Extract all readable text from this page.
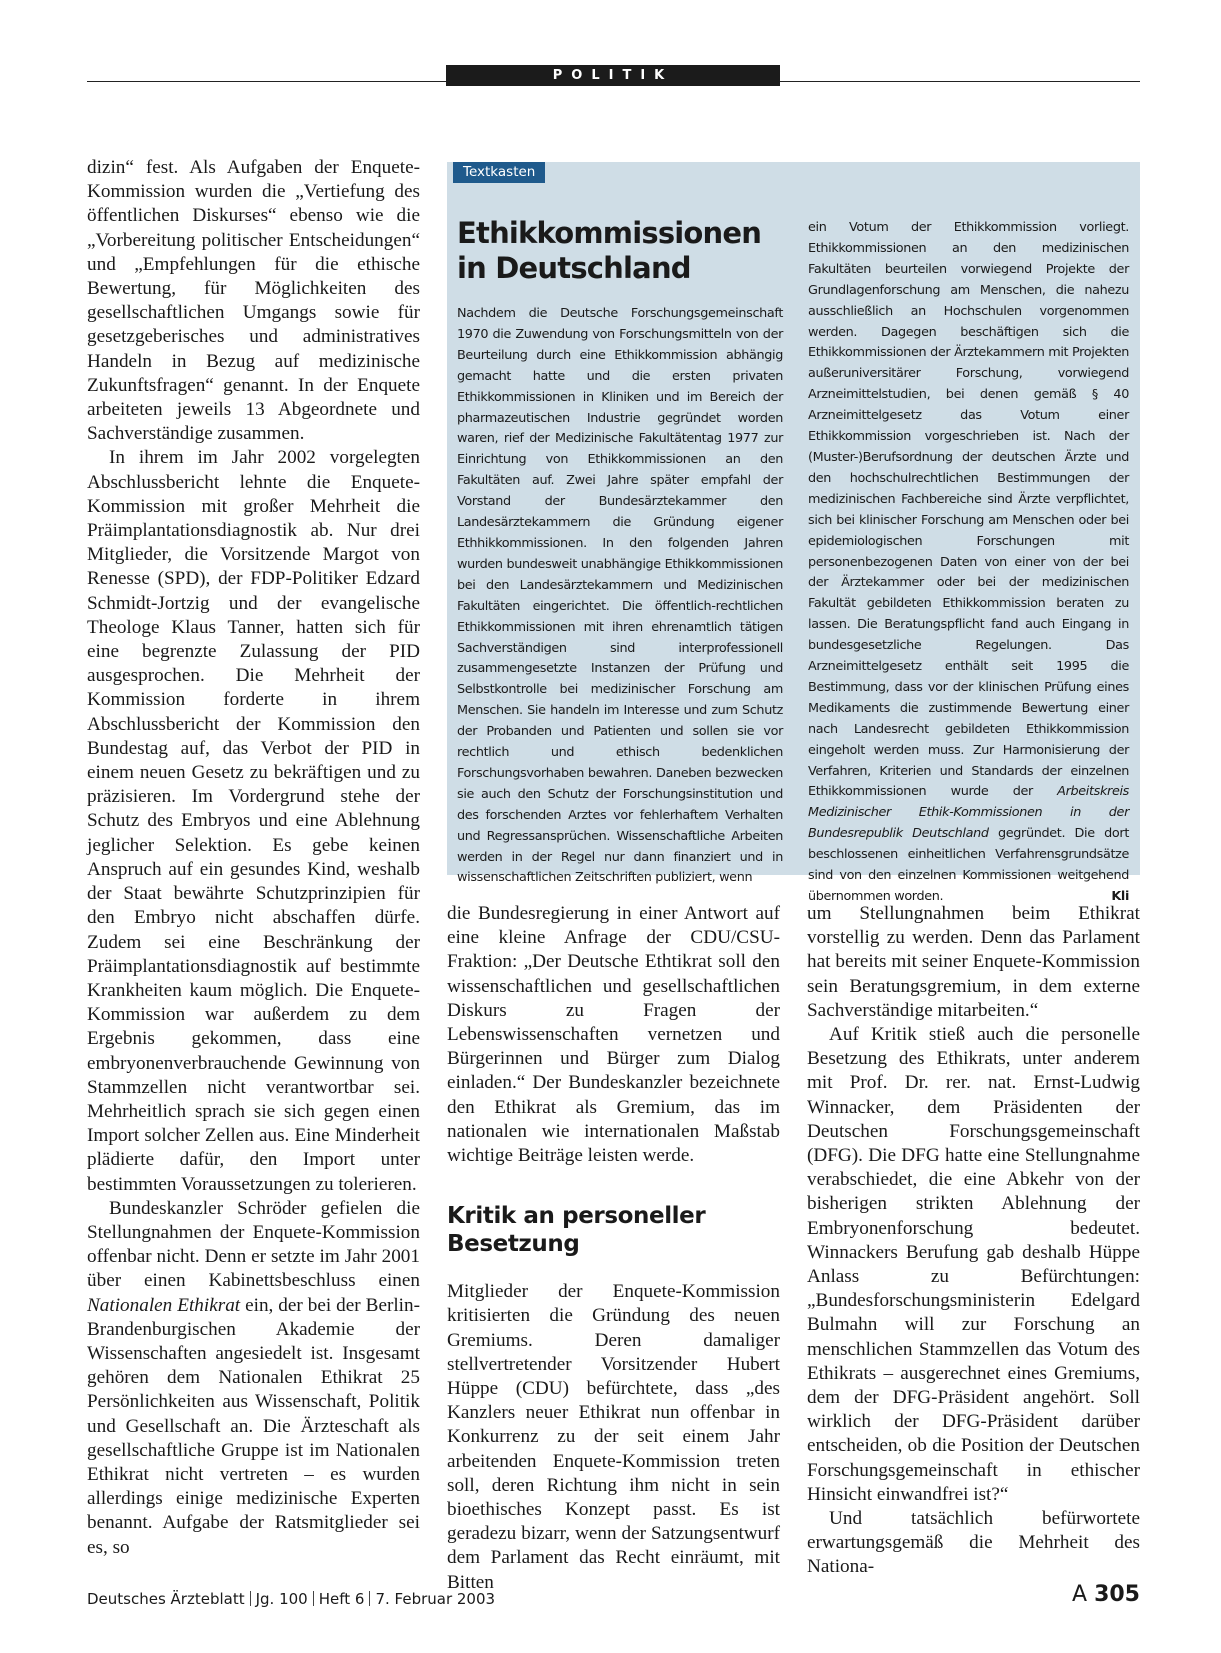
POLITIK

dizin“ fest. Als Aufgaben der Enquete-Kommission wurden die „Vertiefung des öffentlichen Diskurses“ ebenso wie die „Vorbereitung politischer Entscheidungen“ und „Empfehlungen für die ethische Bewertung, für Möglichkeiten des gesellschaftlichen Umgangs sowie für gesetzgeberisches und administratives Handeln in Bezug auf medizinische Zukunftsfragen“ genannt. In der Enquete arbeiteten jeweils 13 Abgeordnete und Sachverständige zusammen.

In ihrem im Jahr 2002 vorgelegten Abschlussbericht lehnte die Enquete-Kommission mit großer Mehrheit die Präimplantationsdiagnostik ab. Nur drei Mitglieder, die Vorsitzende Margot von Renesse (SPD), der FDP-Politiker Edzard Schmidt-Jortzig und der evangelische Theologe Klaus Tanner, hatten sich für eine begrenzte Zulassung der PID ausgesprochen. Die Mehrheit der Kommission forderte in ihrem Abschlussbericht der Kommission den Bundestag auf, das Verbot der PID in einem neuen Gesetz zu bekräftigen und zu präzisieren. Im Vordergrund stehe der Schutz des Embryos und eine Ablehnung jeglicher Selektion. Es gebe keinen Anspruch auf ein gesundes Kind, weshalb der Staat bewährte Schutzprinzipien für den Embryo nicht abschaffen dürfe. Zudem sei eine Beschränkung der Präimplantationsdiagnostik auf bestimmte Krankheiten kaum möglich. Die Enquete-Kommission war außerdem zu dem Ergebnis gekommen, dass eine embryonenverbrauchende Gewinnung von Stammzellen nicht verantwortbar sei. Mehrheitlich sprach sie sich gegen einen Import solcher Zellen aus. Eine Minderheit plädierte dafür, den Import unter bestimmten Voraussetzungen zu tolerieren.

Bundeskanzler Schröder gefielen die Stellungnahmen der Enquete-Kommission offenbar nicht. Denn er setzte im Jahr 2001 über einen Kabinettsbeschluss einen Nationalen Ethikrat ein, der bei der Berlin-Brandenburgischen Akademie der Wissenschaften angesiedelt ist. Insgesamt gehören dem Nationalen Ethikrat 25 Persönlichkeiten aus Wissenschaft, Politik und Gesellschaft an. Die Ärzteschaft als gesellschaftliche Gruppe ist im Nationalen Ethikrat nicht vertreten – es wurden allerdings einige medizinische Experten benannt. Aufgabe der Ratsmitglieder sei es, so

Textkasten
Ethikkommissionen in Deutschland

Nachdem die Deutsche Forschungsgemeinschaft 1970 die Zuwendung von Forschungsmitteln von der Beurteilung durch eine Ethikkommission abhängig gemacht hatte und die ersten privaten Ethikkommissionen in Kliniken und im Bereich der pharmazeutischen Industrie gegründet worden waren, rief der Medizinische Fakultätentag 1977 zur Einrichtung von Ethikkommissionen an den Fakultäten auf. Zwei Jahre später empfahl der Vorstand der Bundesärztekammer den Landesärztekammern die Gründung eigener Ethhikkommissionen. In den folgenden Jahren wurden bundesweit unabhängige Ethikkommissionen bei den Landesärztekammern und Medizinischen Fakultäten eingerichtet. Die öffentlich-rechtlichen Ethikkommissionen mit ihren ehrenamtlich tätigen Sachverständigen sind interprofessionell zusammengesetzte Instanzen der Prüfung und Selbstkontrolle bei medizinischer Forschung am Menschen. Sie handeln im Interesse und zum Schutz der Probanden und Patienten und sollen sie vor rechtlich und ethisch bedenklichen Forschungsvorhaben bewahren. Daneben bezwecken sie auch den Schutz der Forschungsinstitution und des forschenden Arztes vor fehlerhaftem Verhalten und Regressansprüchen. Wissenschaftliche Arbeiten werden in der Regel nur dann finanziert und in wissenschaftlichen Zeitschriften publiziert, wenn

ein Votum der Ethikkommission vorliegt. Ethikkommissionen an den medizinischen Fakultäten beurteilen vorwiegend Projekte der Grundlagenforschung am Menschen, die nahezu ausschließlich an Hochschulen vorgenommen werden. Dagegen beschäftigen sich die Ethikkommissionen der Ärztekammern mit Projekten außeruniversitärer Forschung, vorwiegend Arzneimittelstudien, bei denen gemäß § 40 Arzneimittelgesetz das Votum einer Ethikkommission vorgeschrieben ist. Nach der (Muster-)Berufsordnung der deutschen Ärzte und den hochschulrechtlichen Bestimmungen der medizinischen Fachbereiche sind Ärzte verpflichtet, sich bei klinischer Forschung am Menschen oder bei epidemiologischen Forschungen mit personenbezogenen Daten von einer von der bei der Ärztekammer oder bei der medizinischen Fakultät gebildeten Ethikkommission beraten zu lassen. Die Beratungspflicht fand auch Eingang in bundesgesetzliche Regelungen. Das Arzneimittelgesetz enthält seit 1995 die Bestimmung, dass vor der klinischen Prüfung eines Medikaments die zustimmende Bewertung einer nach Landesrecht gebildeten Ethikkommission eingeholt werden muss. Zur Harmonisierung der Verfahren, Kriterien und Standards der einzelnen Ethikkommissionen wurde der Arbeitskreis Medizinischer Ethik-Kommissionen in der Bundesrepublik Deutschland gegründet. Die dort beschlossenen einheitlichen Verfahrensgrundsätze sind von den einzelnen Kommissionen weitgehend übernommen worden.	Kli

die Bundesregierung in einer Antwort auf eine kleine Anfrage der CDU/CSU-Fraktion: „Der Deutsche Ethtikrat soll den wissenschaftlichen und gesellschaftlichen Diskurs zu Fragen der Lebenswissenschaften vernetzen und Bürgerinnen und Bürger zum Dialog einladen.“ Der Bundeskanzler bezeichnete den Ethikrat als Gremium, das im nationalen wie internationalen Maßstab wichtige Beiträge leisten werde.

Kritik an personeller Besetzung

Mitglieder der Enquete-Kommission kritisierten die Gründung des neuen Gremiums. Deren damaliger stellvertretender Vorsitzender Hubert Hüppe (CDU) befürchtete, dass „des Kanzlers neuer Ethikrat nun offenbar in Konkurrenz zu der seit einem Jahr arbeitenden Enquete-Kommission treten soll, deren Richtung ihm nicht in sein bioethisches Konzept passt. Es ist geradezu bizarr, wenn der Satzungsentwurf dem Parlament das Recht einräumt, mit Bitten

um Stellungnahmen beim Ethikrat vorstellig zu werden. Denn das Parlament hat bereits mit seiner Enquete-Kommission sein Beratungsgremium, in dem externe Sachverständige mitarbeiten.“

Auf Kritik stieß auch die personelle Besetzung des Ethikrats, unter anderem mit Prof. Dr. rer. nat. Ernst-Ludwig Winnacker, dem Präsidenten der Deutschen Forschungsgemeinschaft (DFG). Die DFG hatte eine Stellungnahme verabschiedet, die eine Abkehr von der bisherigen strikten Ablehnung der Embryonenforschung bedeutet. Winnackers Berufung gab deshalb Hüppe Anlass zu Befürchtungen: „Bundesforschungsministerin Edelgard Bulmahn will zur Forschung an menschlichen Stammzellen das Votum des Ethikrats – ausgerechnet eines Gremiums, dem der DFG-Präsident angehört. Soll wirklich der DFG-Präsident darüber entscheiden, ob die Position der Deutschen Forschungsgemeinschaft in ethischer Hinsicht einwandfrei ist?“

Und tatsächlich befürwortete erwartungsgemäß die Mehrheit des Nationa-

Deutsches Ärzteblatt Jg. 100 Heft 6 7. Februar 2003	A 305
